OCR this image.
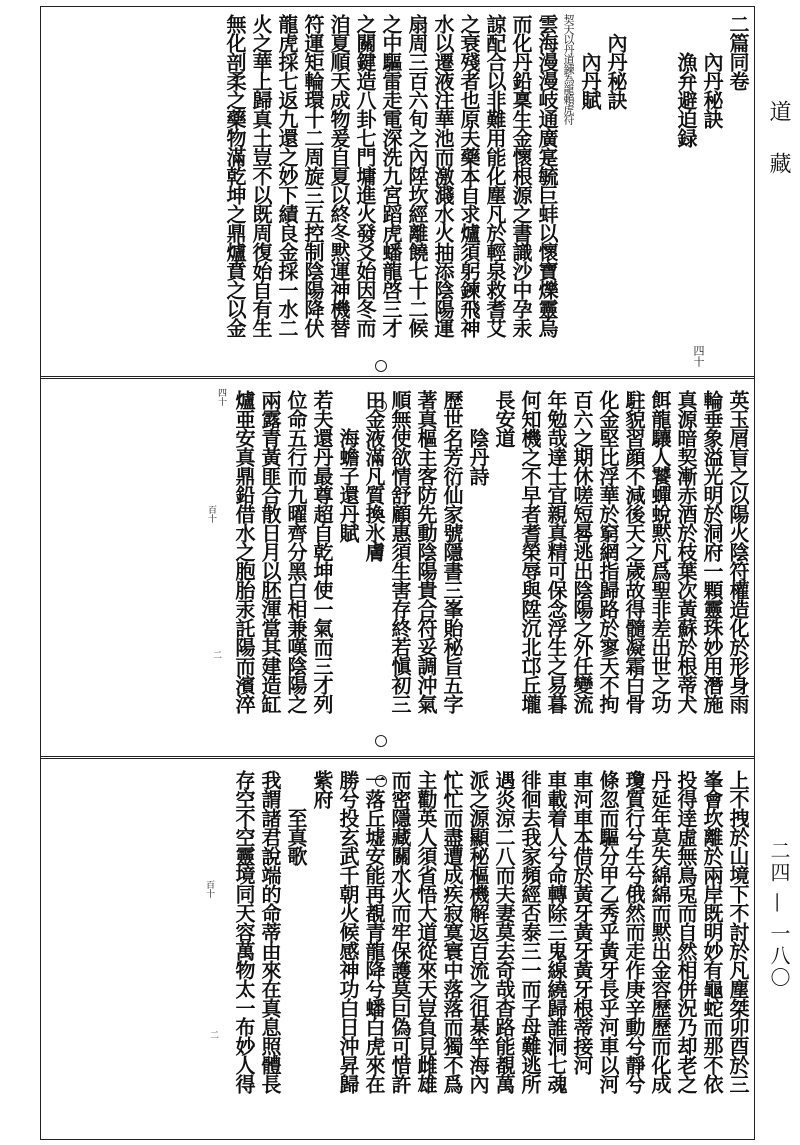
道　藏
二四 — 一八〇
二篇同卷
　　內丹秘訣
　　漁弁避迫録
　內丹秘訣
　　內丹賦
契天以丹道鍊為龍賴虎符
雲海漫漫岐通廣寔毓巨蚌以懷寶爍靈烏
而化丹鉛稟生金懷根源之書識沙中孕汞
諒配合以非難用能化塵凡於輕泉救耆艾
之衰殘者也原夫藥本自求爐須躬鍊飛神
水以遷液注華池而激濺水火抽添陰陽運
扇周三百六旬之內陞坎經離饒七十二候
之中驅雷走電深洗九宮蹈虎蟠龍啓三才
之關鍵造八卦七門墉進火發爻始因冬而
洎夏順天成物爰自夏以終冬黙運神機替
符運矩輪環十二周旋三五控制陰陽降伏
龍虎採七返九還之妙下績良金採一水二
火之華上歸真土豈不以既周復始自有生
無化剖柔之藥物滿乾坤之鼎爐賁之以金
英玉屑盲之以陽火陰符權造化於形身雨
輪垂象溢光明於洞府一顆靈珠妙用潛施
真源暗契漸赤酒於枝葉次黃蘇於根蒂犬
餌龍驤人饕蟬蛻黙凡爲聖非差出世之功
駐貌習顔不減後天之歲故得髓凝霜白骨
化金堅比浮華於窮網指歸路於寥天不拘
百六之期休嗟短晷逃出陰陽之外任變流
年勉哉達士宜親真精可保念浮生之易暮
何知機之不早者耆榮辱與陞沉北邙丘壠
長安道
　　陰丹詩
歷世名芳衍仙家號隱書三峯貽秘旨五字
著真樞主客防先動陰陽貴合符妥調沖氣
順無使欲情舒顧惠須生害存終若愼初三
田金液滿凡質換氷膚
　　海蟾子還丹賦
若夫還丹最尊超自乾坤使一氣而三才列
位命五行而九曜齊分黑白相兼嘆陰陽之
兩露青黃匪合散日月以胚渾當其建造缸
爐亜安真鼎鉛借水之胞胎汞託陽而濱淬
上不拽於山境下不討於凡塵桀卯酉於三
峯會坎離於兩岸既明妙有龜蛇而那不依
投得逹虛無鳥兎而自然相併況乃却老之
丹延年莫失綿綿而黙出金容歷歷而化成
瓊質行兮生兮俄然而走作庚辛動兮靜兮
條忽而驅分甲乙秀乎黃牙長乎河車以河
車河車本借於黃牙黃牙黃牙根蒂接河
車載着人兮命轉除三鬼線繞歸誰洞七魂
徘徊去我家頻經否泰三一而子母難逃所
遇炎涼二八而夫妻莫去奇哉杳路能覩萬
派之源顯秘樞機解返百流之徂棊竿海內
忙忙而盡遭成疾寂寞寰中落落而獨不爲
主勸英人須省悟大道從來天豈負見雌雄
而密隱藏關水火而牢保護莫囙偽可惜許
一落丘墟安能再覩青龍降兮蟠白虎來在
勝兮投玄武千朝火候感神功白日沖昇歸
紫府
　　至真歌
我謂諸君說端的命蒂由來在真息照體長
存空不空靈境同天容萬物太一布妙人得
四十
二
百十
二
百十
四十
